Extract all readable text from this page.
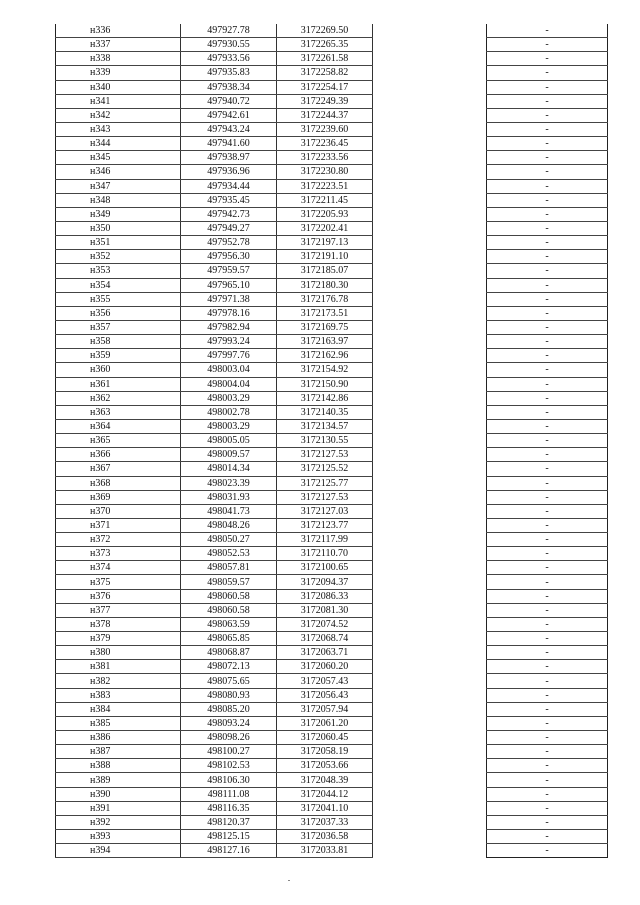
н336	497927.78	3172269.50		-
н337	497930.55	3172265.35		-
н338	497933.56	3172261.58		-
н339	497935.83	3172258.82		-
н340	497938.34	3172254.17		-
н341	497940.72	3172249.39		-
н342	497942.61	3172244.37		-
н343	497943.24	3172239.60		-
н344	497941.60	3172236.45		-
н345	497938.97	3172233.56		-
н346	497936.96	3172230.80		-
н347	497934.44	3172223.51		-
н348	497935.45	3172211.45		-
н349	497942.73	3172205.93		-
н350	497949.27	3172202.41		-
н351	497952.78	3172197.13		-
н352	497956.30	3172191.10		-
н353	497959.57	3172185.07		-
н354	497965.10	3172180.30		-
н355	497971.38	3172176.78		-
н356	497978.16	3172173.51		-
н357	497982.94	3172169.75		-
н358	497993.24	3172163.97		-
н359	497997.76	3172162.96		-
н360	498003.04	3172154.92		-
н361	498004.04	3172150.90		-
н362	498003.29	3172142.86		-
н363	498002.78	3172140.35		-
н364	498003.29	3172134.57		-
н365	498005.05	3172130.55		-
н366	498009.57	3172127.53		-
н367	498014.34	3172125.52		-
н368	498023.39	3172125.77		-
н369	498031.93	3172127.53		-
н370	498041.73	3172127.03		-
н371	498048.26	3172123.77		-
н372	498050.27	3172117.99		-
н373	498052.53	3172110.70		-
н374	498057.81	3172100.65		-
н375	498059.57	3172094.37		-
н376	498060.58	3172086.33		-
н377	498060.58	3172081.30		-
н378	498063.59	3172074.52		-
н379	498065.85	3172068.74		-
н380	498068.87	3172063.71		-
н381	498072.13	3172060.20		-
н382	498075.65	3172057.43		-
н383	498080.93	3172056.43		-
н384	498085.20	3172057.94		-
н385	498093.24	3172061.20		-
н386	498098.26	3172060.45		-
н387	498100.27	3172058.19		-
н388	498102.53	3172053.66		-
н389	498106.30	3172048.39		-
н390	498111.08	3172044.12		-
н391	498116.35	3172041.10		-
н392	498120.37	3172037.33		-
н393	498125.15	3172036.58		-
н394	498127.16	3172033.81		-
